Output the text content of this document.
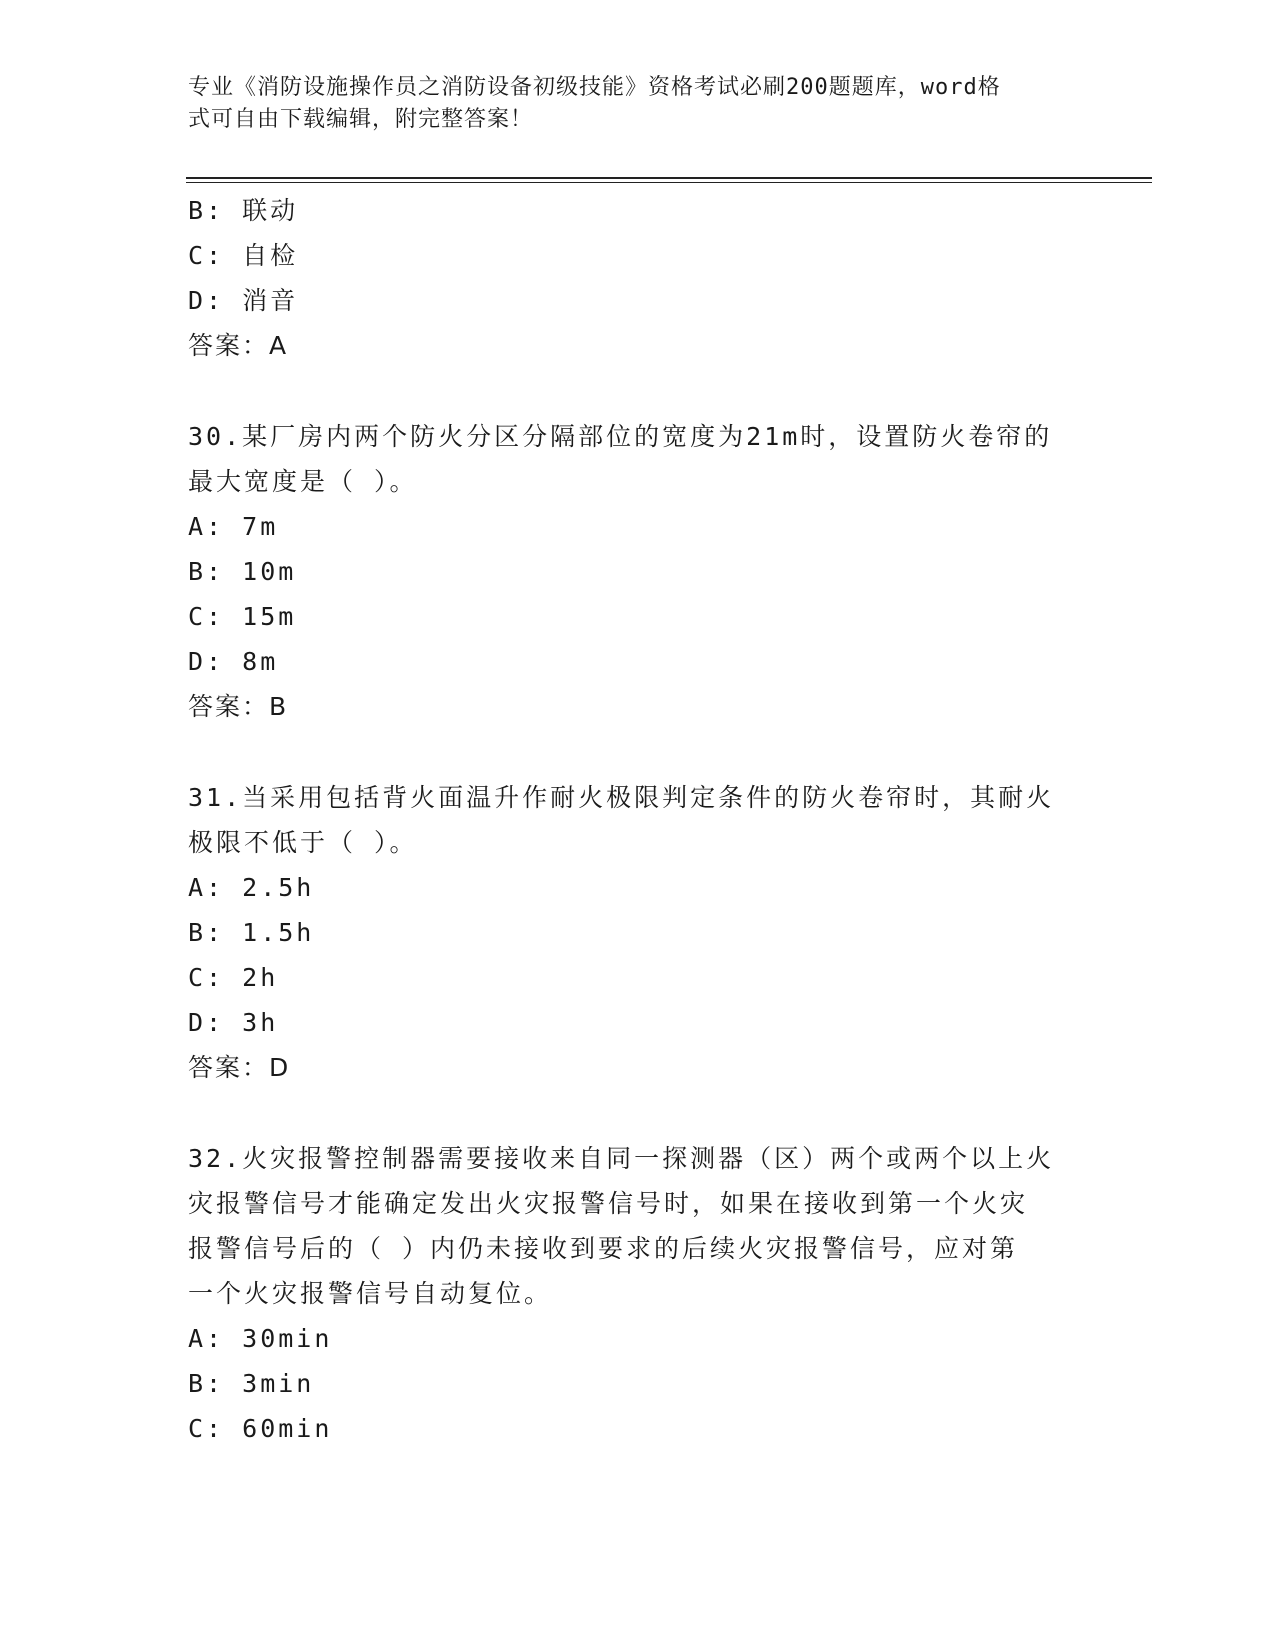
专业《消防设施操作员之消防设备初级技能》资格考试必刷200题题库，word格
式可自由下载编辑，附完整答案！
B: 联动
C: 自检
D: 消音
答案：A
30.某厂房内两个防火分区分隔部位的宽度为21m时，设置防火卷帘的
最大宽度是（ ）。
A: 7m
B: 10m
C: 15m
D: 8m
答案：B
31.当采用包括背火面温升作耐火极限判定条件的防火卷帘时，其耐火
极限不低于（ ）。
A: 2.5h
B: 1.5h
C: 2h
D: 3h
答案：D
32.火灾报警控制器需要接收来自同一探测器（区）两个或两个以上火
灾报警信号才能确定发出火灾报警信号时，如果在接收到第一个火灾
报警信号后的（ ）内仍未接收到要求的后续火灾报警信号，应对第
一个火灾报警信号自动复位。
A: 30min
B: 3min
C: 60min
